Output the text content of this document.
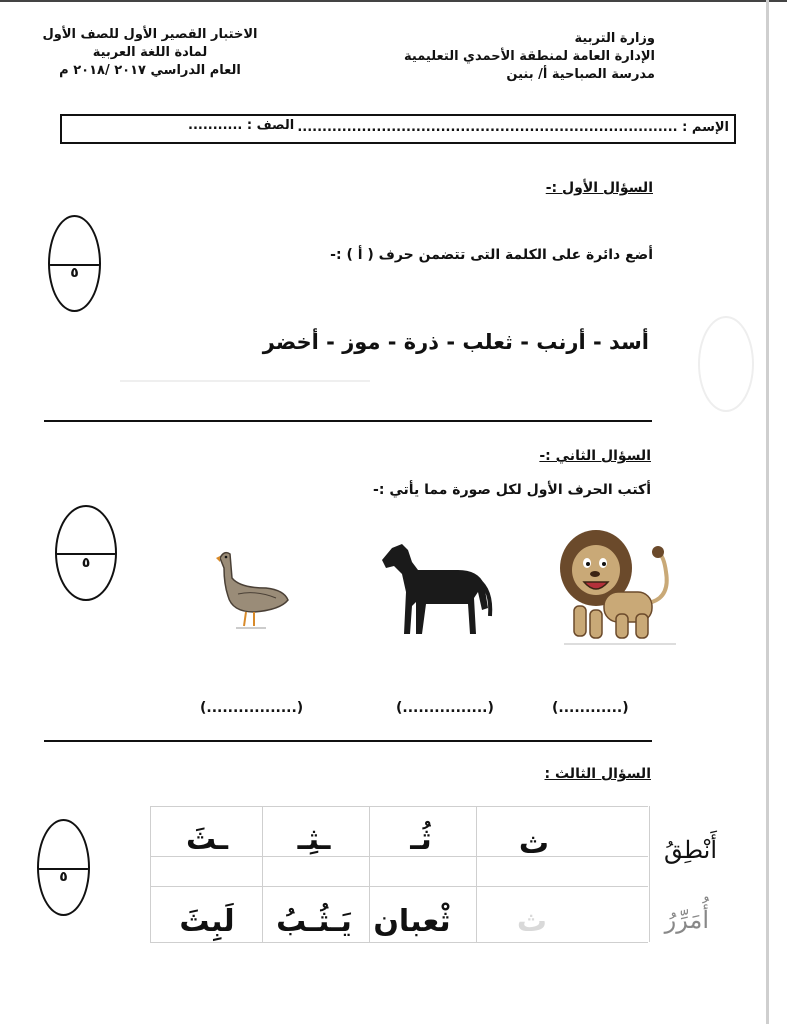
وزارة التربية
الإدارة العامة لمنطقة الأحمدي التعليمية
مدرسة الصباحية أ/ بنين
الاختبار القصير الأول للصف الأول
لمادة اللغة العربية
العام الدراسي ٢٠١٧ /٢٠١٨ م
الإسم : .............................................................................
الصف : ...........
السؤال الأول :-
أضع دائرة على الكلمة التى تتضمن حرف ( أ ) :-
أسد - أرنب - ثعلب - ذرة - موز - أخضر
٥
السؤال الثاني :-
أكتب الحرف الأول لكل صورة مما يأتي :-
٥
(............)
(................)
(.................)
السؤال الثالث :
٥
أَنْطِقُ
أُمَرِّرُ
ث
ثُـ
ـثِـ
ـثَ
ث
ثْعبان
يَـثُـبُ
لَبِثَ
